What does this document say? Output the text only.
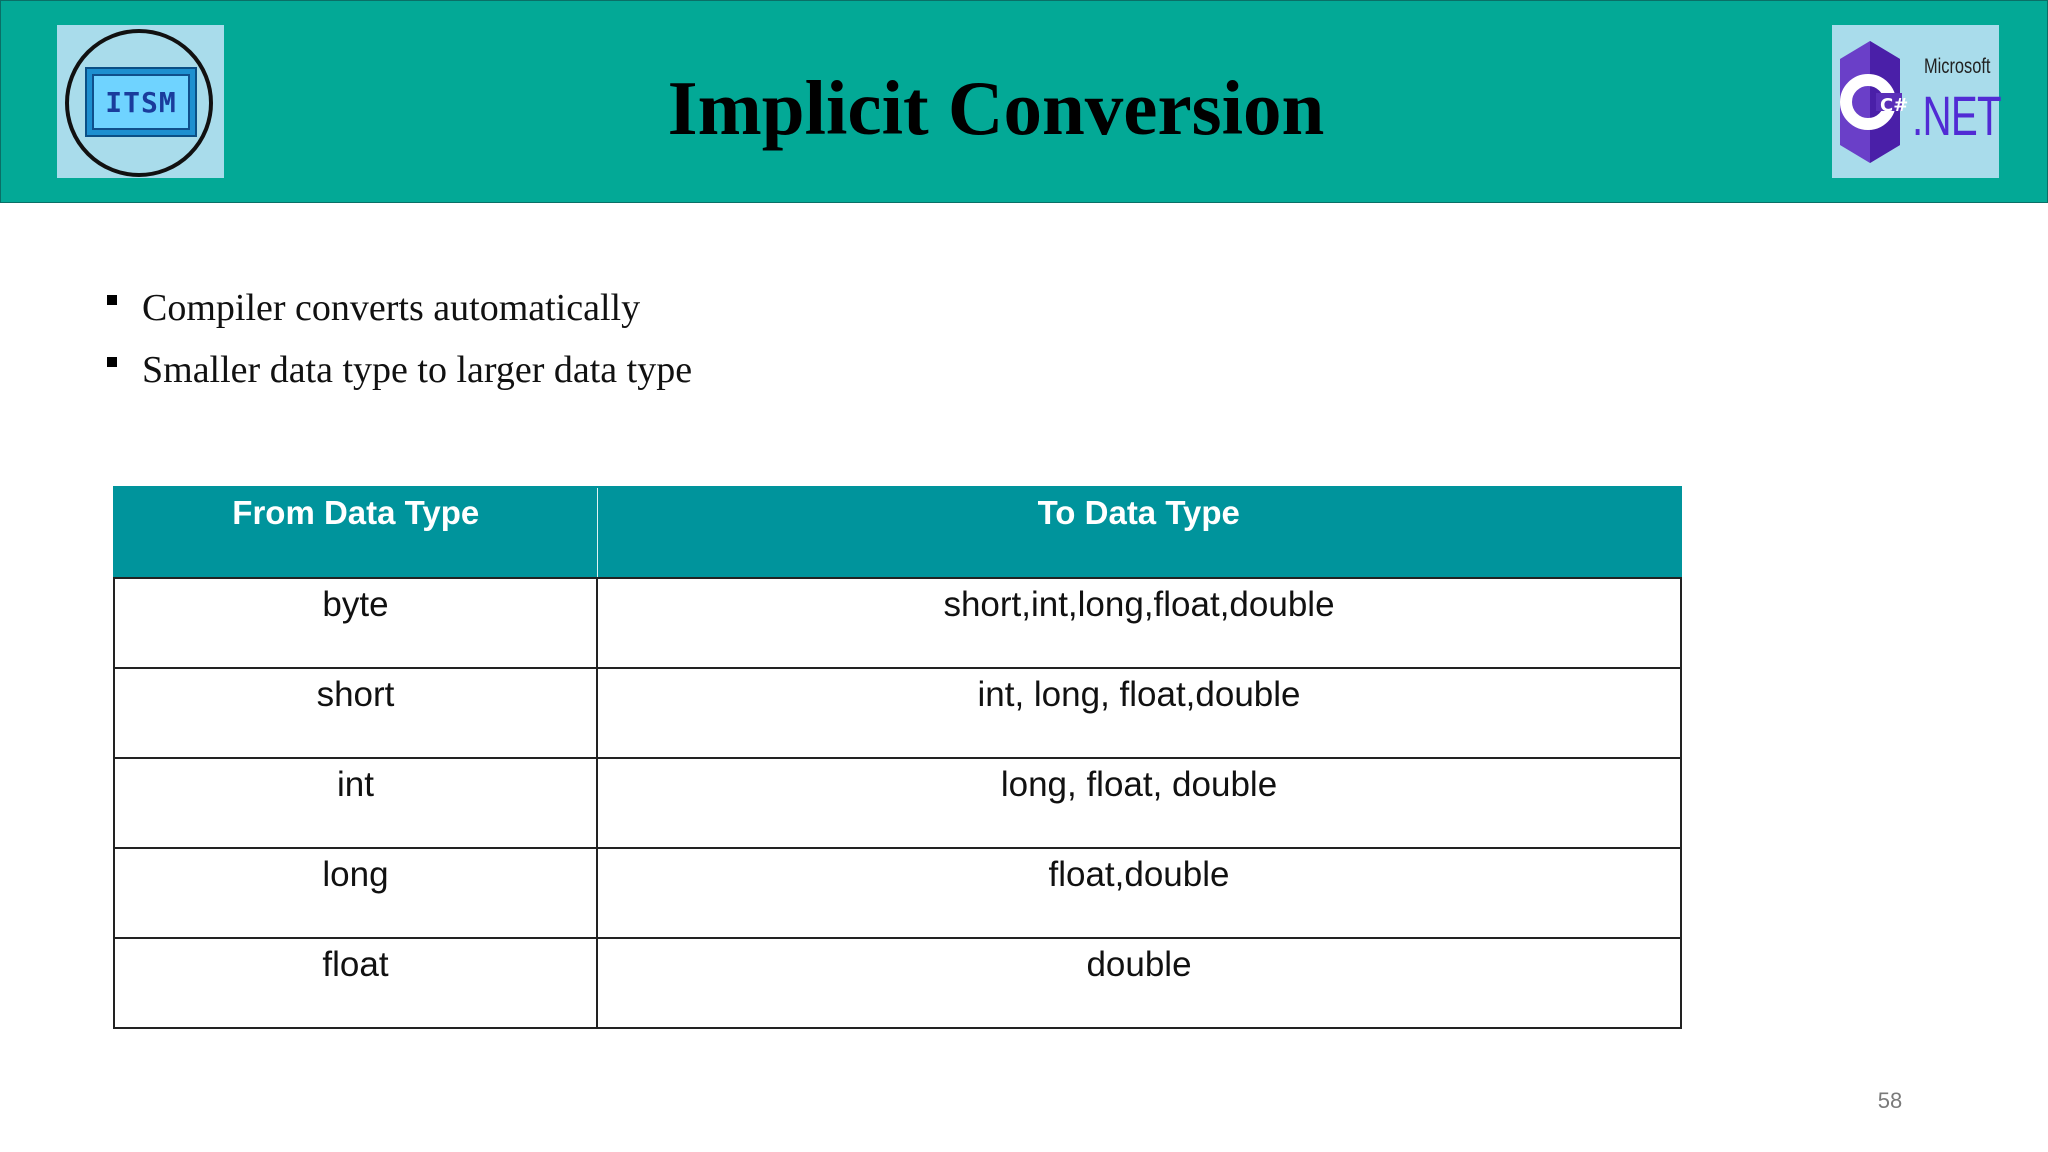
ITSM	Implicit Conversion	C#
Microsoft
.NET
Compiler converts automatically
Smaller data type to larger data type
From Data Type	To Data Type
byte	short,int,long,float,double
short	int, long, float,double
int	long, float, double
long	float,double
float	double
58
